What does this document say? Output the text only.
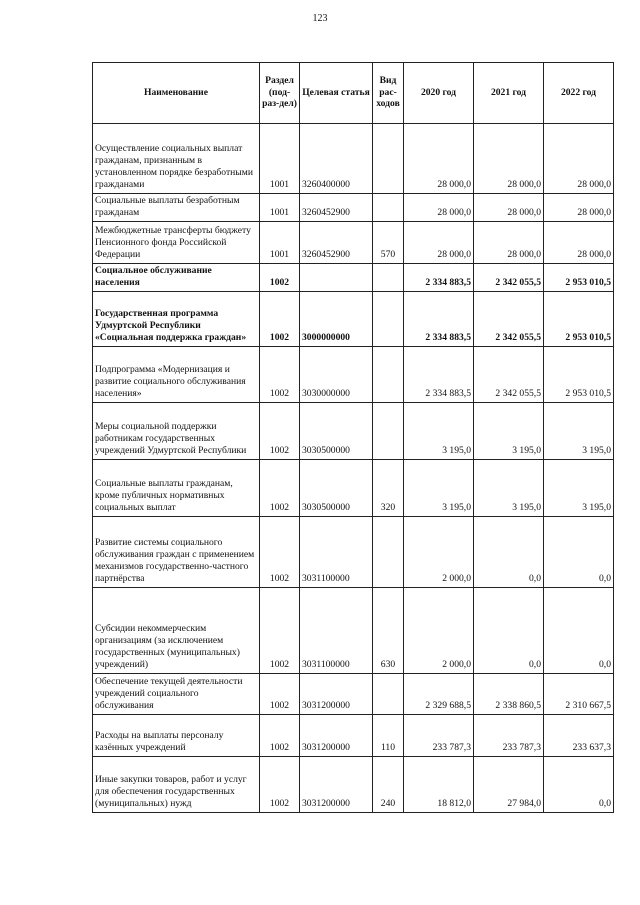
123
Наименование	Раздел (под-раз-дел)	Целевая статья	Вид рас-ходов	2020 год	2021 год	2022 год
Осуществление социальных выплат гражданам, признанным в установленном порядке безработными гражданами	1001	3260400000		28 000,0	28 000,0	28 000,0
Социальные выплаты безработным гражданам	1001	3260452900		28 000,0	28 000,0	28 000,0
Межбюджетные трансферты бюджету Пенсионного фонда Российской Федерации	1001	3260452900	570	28 000,0	28 000,0	28 000,0
Социальное обслуживание населения	1002			2 334 883,5	2 342 055,5	2 953 010,5
Государственная программа Удмуртской Республики «Социальная поддержка граждан»	1002	3000000000		2 334 883,5	2 342 055,5	2 953 010,5
Подпрограмма «Модернизация и развитие социального обслуживания населения»	1002	3030000000		2 334 883,5	2 342 055,5	2 953 010,5
Меры социальной поддержки работникам государственных учреждений Удмуртской Республики	1002	3030500000		3 195,0	3 195,0	3 195,0
Социальные выплаты гражданам, кроме публичных нормативных социальных выплат	1002	3030500000	320	3 195,0	3 195,0	3 195,0
Развитие системы социального обслуживания граждан с применением механизмов государственно-частного партнёрства	1002	3031100000		2 000,0	0,0	0,0
Субсидии некоммерческим организациям (за исключением государственных (муниципальных) учреждений)	1002	3031100000	630	2 000,0	0,0	0,0
Обеспечение текущей деятельности учреждений социального обслуживания	1002	3031200000		2 329 688,5	2 338 860,5	2 310 667,5
Расходы на выплаты персоналу казённых учреждений	1002	3031200000	110	233 787,3	233 787,3	233 637,3
Иные закупки товаров, работ и услуг для обеспечения государственных (муниципальных) нужд	1002	3031200000	240	18 812,0	27 984,0	0,0
